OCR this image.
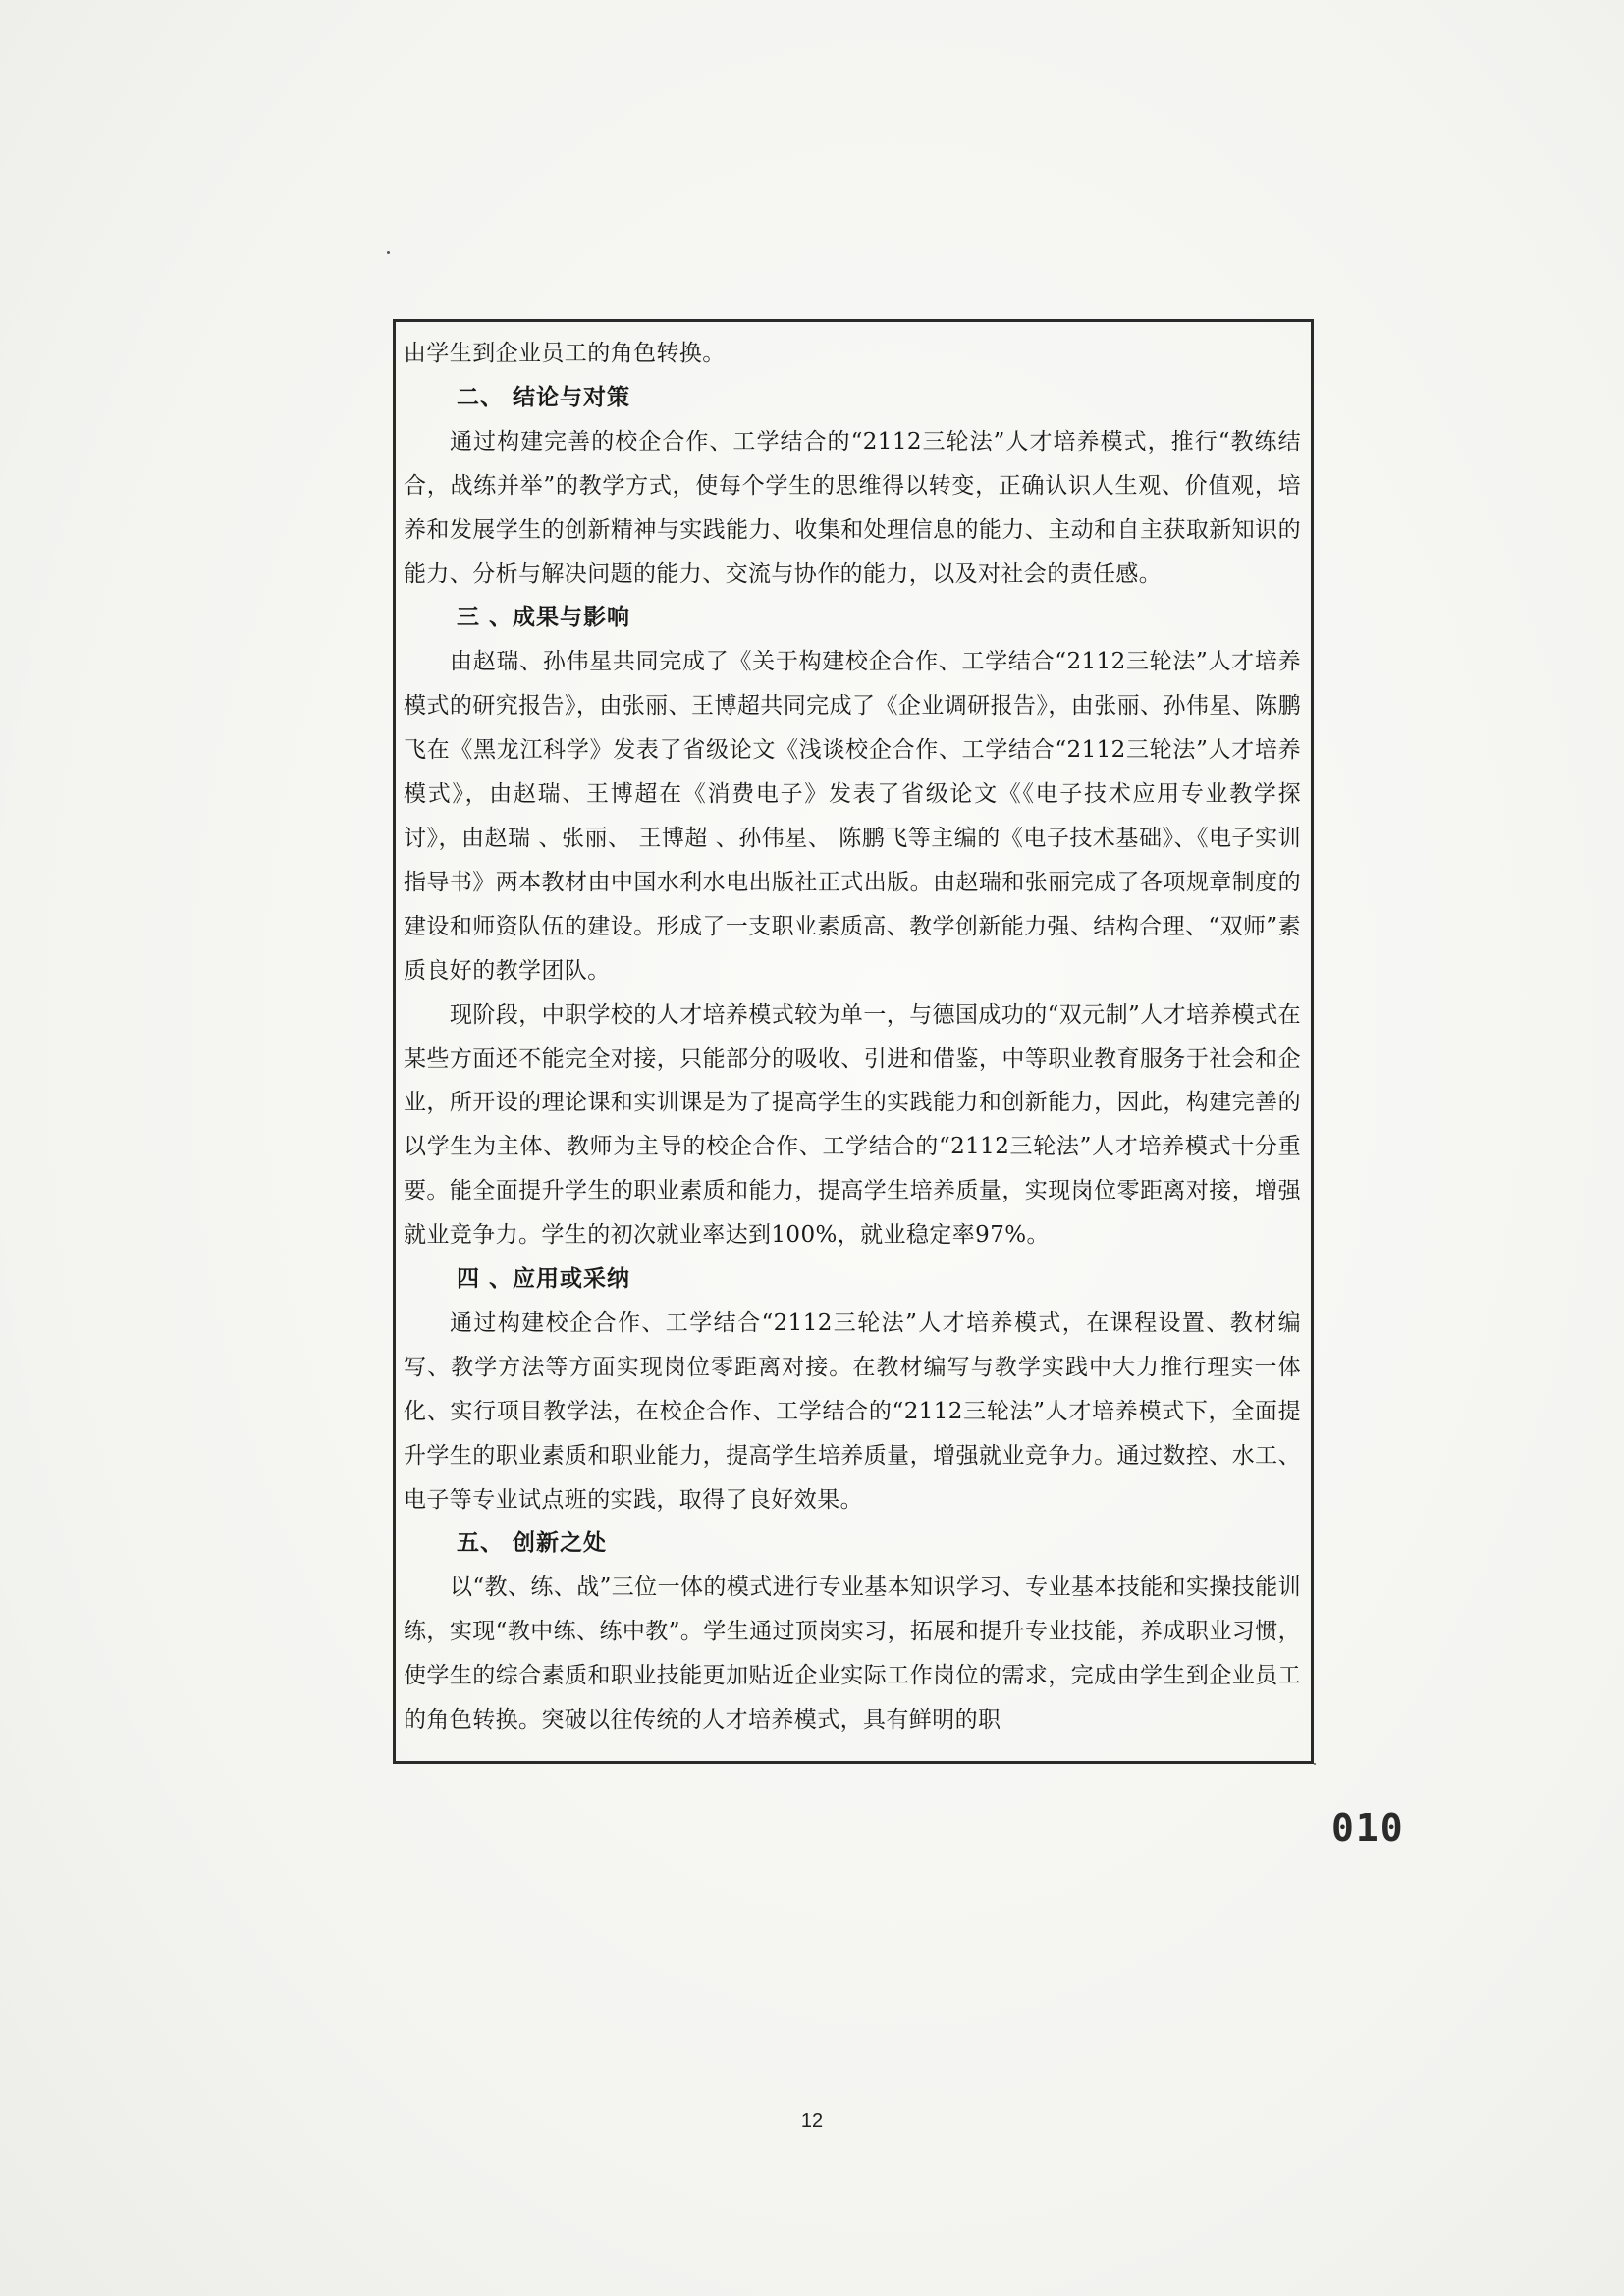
由学生到企业员工的角色转换。

二、 结论与对策

通过构建完善的校企合作、工学结合的“2112三轮法”人才培养模式，推行“教练结合，战练并举”的教学方式，使每个学生的思维得以转变，正确认识人生观、价值观，培养和发展学生的创新精神与实践能力、收集和处理信息的能力、主动和自主获取新知识的能力、分析与解决问题的能力、交流与协作的能力，以及对社会的责任感。

三 、成果与影响

由赵瑞、孙伟星共同完成了《关于构建校企合作、工学结合“2112三轮法”人才培养模式的研究报告》，由张丽、王博超共同完成了《企业调研报告》，由张丽、孙伟星、陈鹏飞在《黑龙江科学》发表了省级论文《浅谈校企合作、工学结合“2112三轮法”人才培养模式》，由赵瑞、王博超在《消费电子》发表了省级论文《《电子技术应用专业教学探讨》，由赵瑞 、张丽、 王博超 、孙伟星、 陈鹏飞等主编的《电子技术基础》、《电子实训指导书》两本教材由中国水利水电出版社正式出版。由赵瑞和张丽完成了各项规章制度的建设和师资队伍的建设。形成了一支职业素质高、教学创新能力强、结构合理、“双师”素质良好的教学团队。

现阶段，中职学校的人才培养模式较为单一，与德国成功的“双元制”人才培养模式在某些方面还不能完全对接，只能部分的吸收、引进和借鉴，中等职业教育服务于社会和企业，所开设的理论课和实训课是为了提高学生的实践能力和创新能力，因此，构建完善的以学生为主体、教师为主导的校企合作、工学结合的“2112三轮法”人才培养模式十分重要。能全面提升学生的职业素质和能力，提高学生培养质量，实现岗位零距离对接，增强就业竞争力。学生的初次就业率达到100%，就业稳定率97%。

四 、应用或采纳

通过构建校企合作、工学结合“2112三轮法”人才培养模式，在课程设置、教材编写、教学方法等方面实现岗位零距离对接。在教材编写与教学实践中大力推行理实一体化、实行项目教学法，在校企合作、工学结合的“2112三轮法”人才培养模式下，全面提升学生的职业素质和职业能力，提高学生培养质量，增强就业竞争力。通过数控、水工、电子等专业试点班的实践，取得了良好效果。

五、 创新之处

以“教、练、战”三位一体的模式进行专业基本知识学习、专业基本技能和实操技能训练，实现“教中练、练中教”。学生通过顶岗实习，拓展和提升专业技能，养成职业习惯，使学生的综合素质和职业技能更加贴近企业实际工作岗位的需求，完成由学生到企业员工的角色转换。突破以往传统的人才培养模式，具有鲜明的职

010
12
